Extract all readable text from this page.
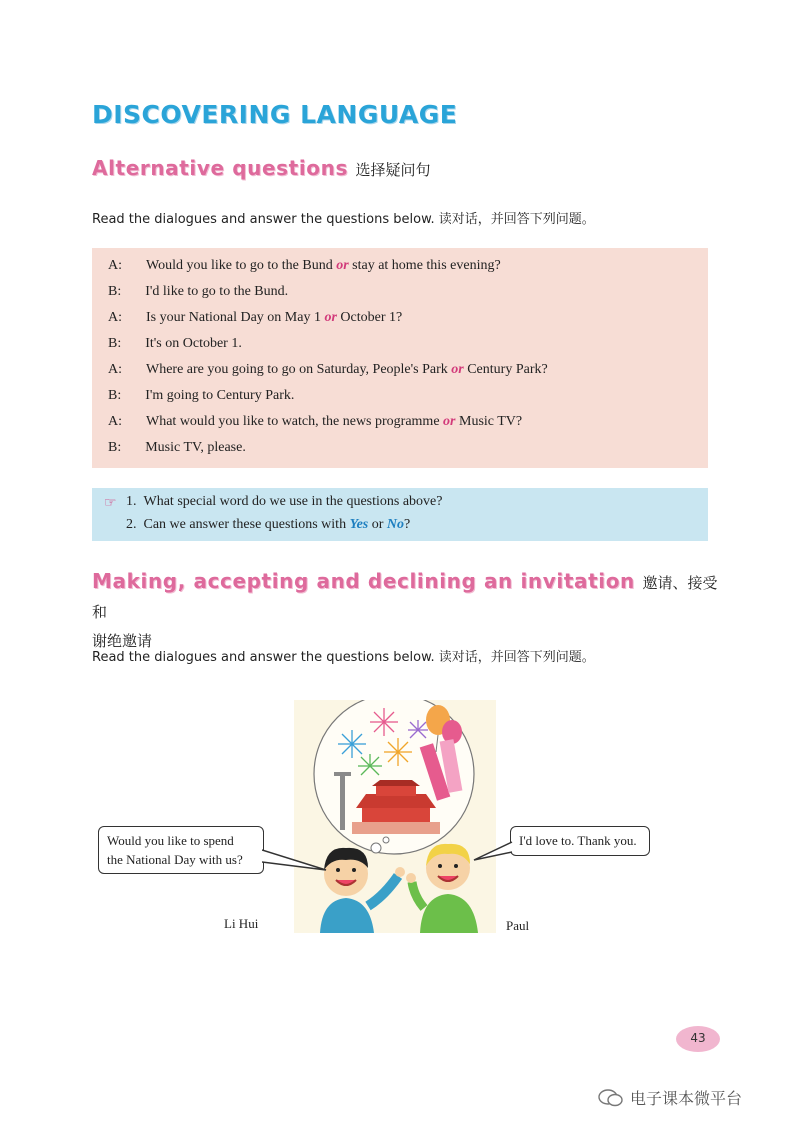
DISCOVERING LANGUAGE
Alternative questions 选择疑问句
Read the dialogues and answer the questions below. 读对话，并回答下列问题。
A: Would you like to go to the Bund or stay at home this evening?
B: I'd like to go to the Bund.
A: Is your National Day on May 1 or October 1?
B: It's on October 1.
A: Where are you going to go on Saturday, People's Park or Century Park?
B: I'm going to Century Park.
A: What would you like to watch, the news programme or Music TV?
B: Music TV, please.
☞ 1. What special word do we use in the questions above?
2. Can we answer these questions with Yes or No?
Making, accepting and declining an invitation 邀请、接受和
谢绝邀请
Read the dialogues and answer the questions below. 读对话，并回答下列问题。
Would you like to spend
the National Day with us?
I'd love to. Thank you.
Li Hui	Paul
43
电子课本微平台
